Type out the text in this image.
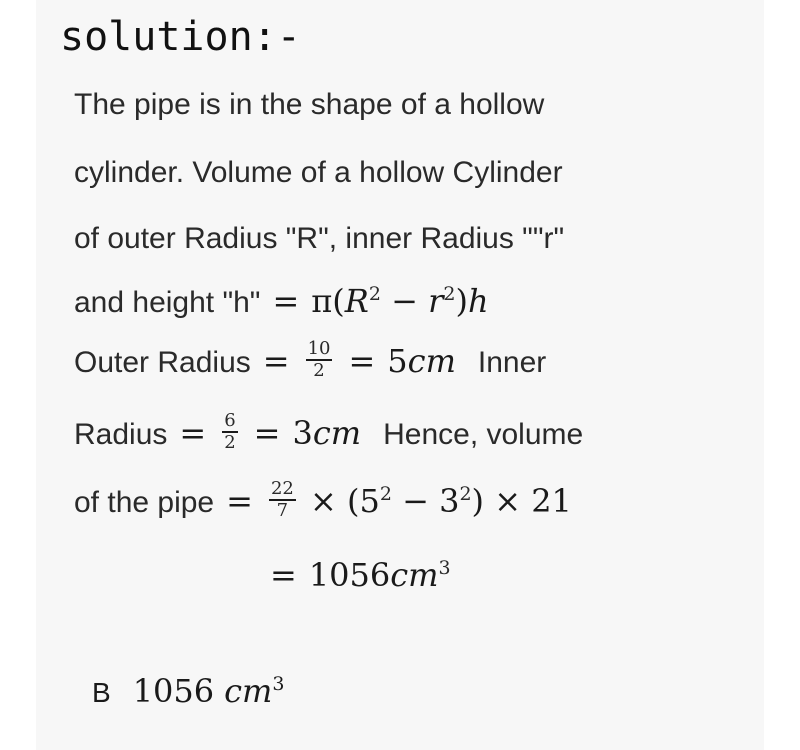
solution:-
The pipe is in the shape of a hollow
cylinder. Volume of a hollow Cylinder
of outer Radius "R", inner Radius ""r"
and height "h" = $\pi(R^2 - r^2)h$
Outer Radius = $\frac{10}{2} = 5cm$ Inner
Radius = $\frac{6}{2} = 3cm$ Hence, volume
of the pipe = $\frac{22}{7} \times (5^2 - 3^2) \times 21$
= $1056cm^3$
B 1056 $cm^3$
